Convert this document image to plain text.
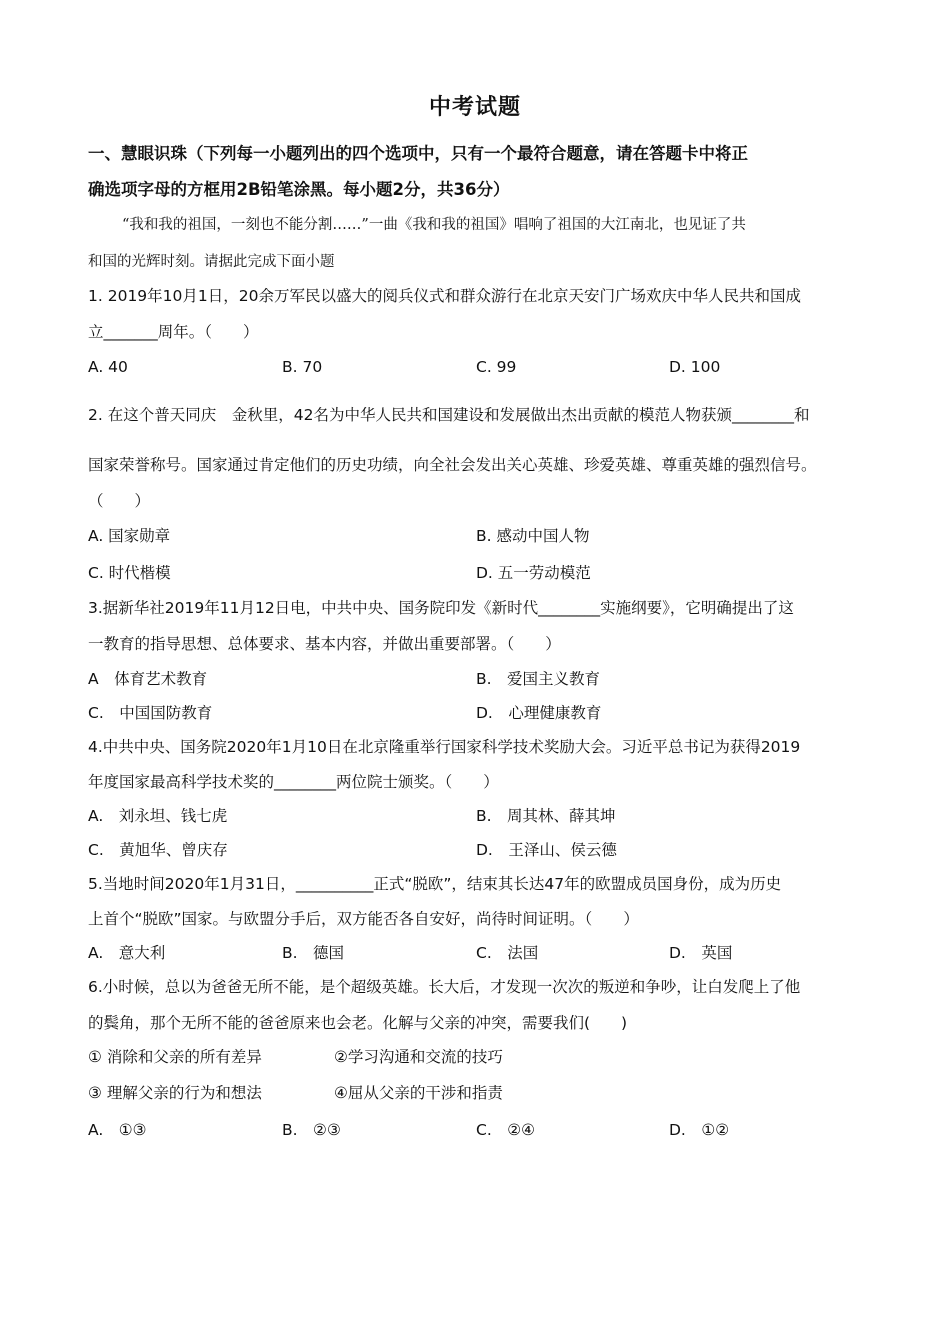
中考试题
一、慧眼识珠（下列每一小题列出的四个选项中，只有一个最符合题意，请在答题卡中将正
确选项字母的方框用2B铅笔涂黑。每小题2分，共36分）
“我和我的祖国，一刻也不能分割……”一曲《我和我的祖国》唱响了祖国的大江南北，也见证了共
和国的光辉时刻。请据此完成下面小题
1. 2019年10月1日，20余万军民以盛大的阅兵仪式和群众游行在北京天安门广场欢庆中华人民共和国成
立_______周年。（　　）
A. 40	B. 70	C. 99	D. 100
2. 在这个普天同庆　金秋里，42名为中华人民共和国建设和发展做出杰出贡献的模范人物获颁________和
国家荣誉称号。国家通过肯定他们的历史功绩，向全社会发出关心英雄、珍爱英雄、尊重英雄的强烈信号。
（　　）
A. 国家勋章	B. 感动中国人物
C. 时代楷模	D. 五一劳动模范
3.据新华社2019年11月12日电，中共中央、国务院印发《新时代________实施纲要》，它明确提出了这
一教育的指导思想、总体要求、基本内容，并做出重要部署。（　　）
A　体育艺术教育	B.　爱国主义教育
C.　中国国防教育	D.　心理健康教育
4.中共中央、国务院2020年1月10日在北京隆重举行国家科学技术奖励大会。习近平总书记为获得2019
年度国家最高科学技术奖的________两位院士颁奖。（　　）
A.　刘永坦、钱七虎	B.　周其林、薛其坤
C.　黄旭华、曾庆存	D.　王泽山、侯云德
5.当地时间2020年1月31日，__________正式“脱欧”，结束其长达47年的欧盟成员国身份，成为历史
上首个“脱欧”国家。与欧盟分手后，双方能否各自安好，尚待时间证明。（　　）
A.　意大利	B.　德国	C.　法国	D.　英国
6.小时候，总以为爸爸无所不能，是个超级英雄。长大后，才发现一次次的叛逆和争吵，让白发爬上了他
的鬓角，那个无所不能的爸爸原来也会老。化解与父亲的冲突，需要我们(　　)
① 消除和父亲的所有差异	②学习沟通和交流的技巧
③ 理解父亲的行为和想法	④屈从父亲的干涉和指责
A.　①③	B.　②③	C.　②④	D.　①②
